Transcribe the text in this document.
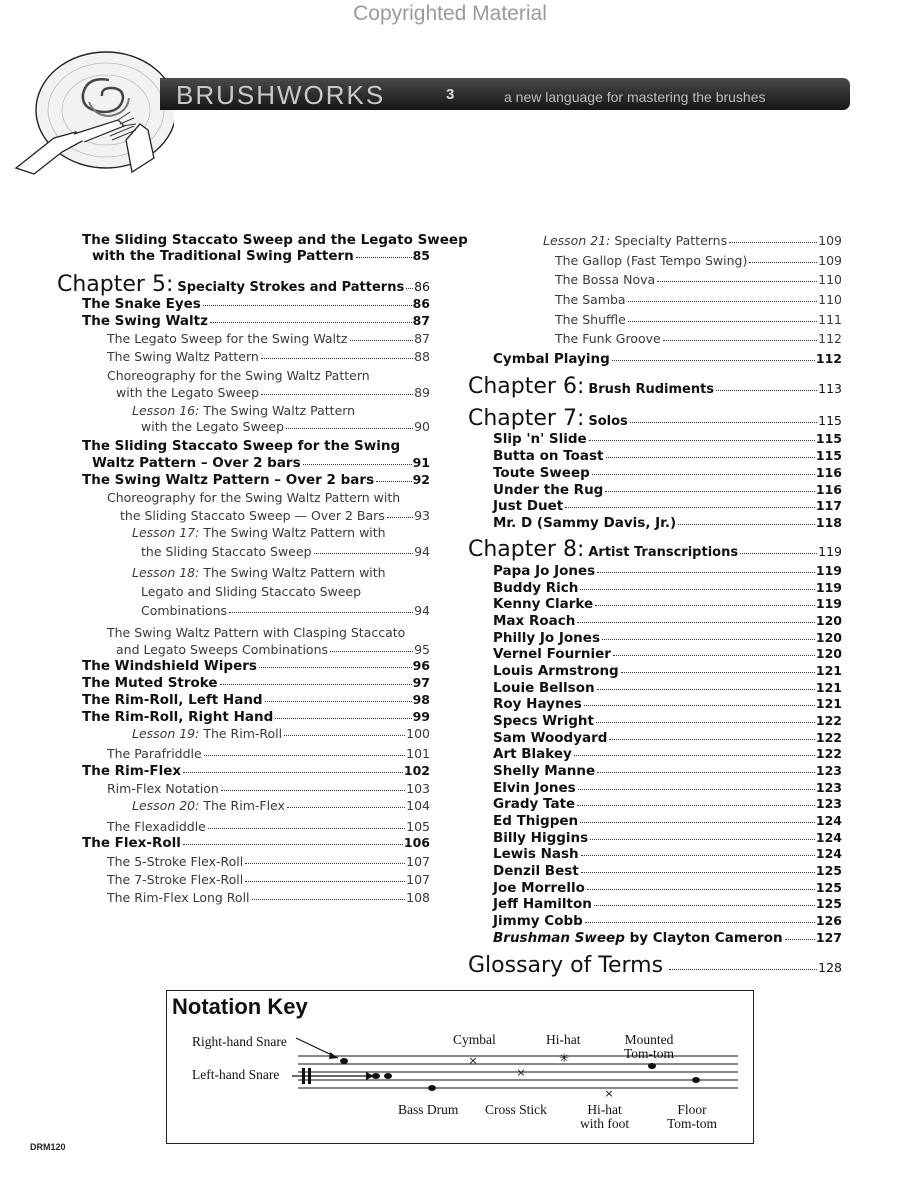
Copyrighted Material
BRUSHWORKS	3	a new language for mastering the brushes
The Sliding Staccato Sweep and the Legato Sweep
with the Traditional Swing Pattern	85
Chapter 5: Specialty Strokes and Patterns 86
The Snake Eyes	86
The Swing Waltz	87
The Legato Sweep for the Swing Waltz	87
The Swing Waltz Pattern	88
Choreography for the Swing Waltz Pattern
with the Legato Sweep	89
Lesson 16: The Swing Waltz Pattern
with the Legato Sweep	90
The Sliding Staccato Sweep for the Swing
Waltz Pattern – Over 2 bars	91
The Swing Waltz Pattern – Over 2 bars	92
Choreography for the Swing Waltz Pattern with
the Sliding Staccato Sweep — Over 2 Bars 93
Lesson 17: The Swing Waltz Pattern with
the Sliding Staccato Sweep	94
Lesson 18: The Swing Waltz Pattern with
Legato and Sliding Staccato Sweep
Combinations	94
The Swing Waltz Pattern with Clasping Staccato
and Legato Sweeps Combinations	95
The Windshield Wipers	96
The Muted Stroke	97
The Rim-Roll, Left Hand	98
The Rim-Roll, Right Hand	99
Lesson 19: The Rim-Roll	100
The Parafriddle	101
The Rim-Flex	102
Rim-Flex Notation	103
Lesson 20: The Rim-Flex	104
The Flexadiddle	105
The Flex-Roll	106
The 5-Stroke Flex-Roll	107
The 7-Stroke Flex-Roll	107
The Rim-Flex Long Roll	108
Lesson 21: Specialty Patterns	109
The Gallop (Fast Tempo Swing)	109
The Bossa Nova	110
The Samba	110
The Shuffle	111
The Funk Groove	112
Cymbal Playing	112
Chapter 6: Brush Rudiments	113
Chapter 7: Solos	115
Slip 'n' Slide	115
Butta on Toast	115
Toute Sweep	116
Under the Rug	116
Just Duet	117
Mr. D (Sammy Davis, Jr.)	118
Chapter 8: Artist Transcriptions	119
Papa Jo Jones	119
Buddy Rich	119
Kenny Clarke	119
Max Roach	120
Philly Jo Jones	120
Vernel Fournier	120
Louis Armstrong	121
Louie Bellson	121
Roy Haynes	121
Specs Wright	122
Sam Woodyard	122
Art Blakey	122
Shelly Manne	123
Elvin Jones	123
Grady Tate	123
Ed Thigpen	124
Billy Higgins	124
Lewis Nash	124
Denzil Best	125
Joe Morrello	125
Jeff Hamilton	125
Jimmy Cobb	126
Brushman Sweep by Clayton Cameron	127
Glossary of Terms	128
Notation Key
×
×
✳
×
Right-hand Snare
Left-hand Snare
Cymbal	Hi-hat	Mounted
Tom-tom
Bass Drum Cross Stick	Hi-hat
with foot
Floor
Tom-tom
DRM120
